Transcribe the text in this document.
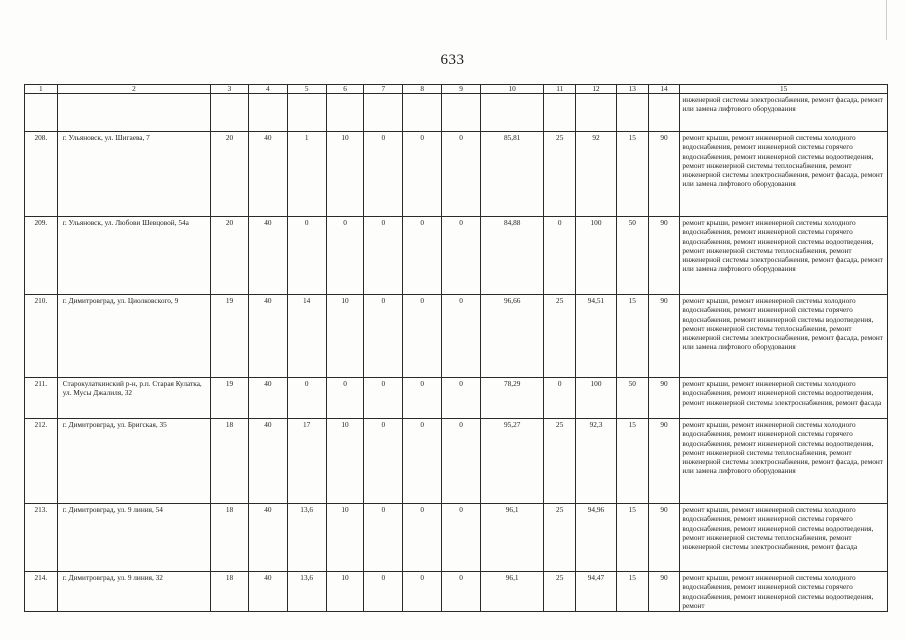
633
1	2	3	4	5	6	7	8	9	10	11	12	13	14	15
														инженерной системы электроснабжения, ремонт фасада, ремонт или замена лифтового оборудования
208.	г. Ульяновск, ул. Шигаева, 7	20	40	1	10	0	0	0	85,81	25	92	15	90	ремонт крыши, ремонт инженерной системы холодного водоснабжения, ремонт инженерной системы горячего водоснабжения, ремонт инженерной системы водоотведения, ремонт инженерной системы теплоснабжения, ремонт инженерной системы электроснабжения, ремонт фасада, ремонт или замена лифтового оборудования
209.	г. Ульяновск, ул. Любови Шевцовой, 54а	20	40	0	0	0	0	0	84,88	0	100	50	90	ремонт крыши, ремонт инженерной системы холодного водоснабжения, ремонт инженерной системы горячего водоснабжения, ремонт инженерной системы водоотведения, ремонт инженерной системы теплоснабжения, ремонт инженерной системы электроснабжения, ремонт фасада, ремонт или замена лифтового оборудования
210.	г. Димитровград, ул. Циолковского, 9	19	40	14	10	0	0	0	96,66	25	94,51	15	90	ремонт крыши, ремонт инженерной системы холодного водоснабжения, ремонт инженерной системы горячего водоснабжения, ремонт инженерной системы водоотведения, ремонт инженерной системы теплоснабжения, ремонт инженерной системы электроснабжения, ремонт фасада, ремонт или замена лифтового оборудования
211.	Старокулаткинский р-н, р.п. Старая Кулатка, ул. Мусы Джалиля, 32	19	40	0	0	0	0	0	78,29	0	100	50	90	ремонт крыши, ремонт инженерной системы холодного водоснабжения, ремонт инженерной системы водоотведения, ремонт инженерной системы электроснабжения, ремонт фасада
212.	г. Димитровград, ул. Бригская, 35	18	40	17	10	0	0	0	95,27	25	92,3	15	90	ремонт крыши, ремонт инженерной системы холодного водоснабжения, ремонт инженерной системы горячего водоснабжения, ремонт инженерной системы водоотведения, ремонт инженерной системы теплоснабжения, ремонт инженерной системы электроснабжения, ремонт фасада, ремонт или замена лифтового оборудования
213.	г. Димитровград, ул. 9 линия, 54	18	40	13,6	10	0	0	0	96,1	25	94,96	15	90	ремонт крыши, ремонт инженерной системы холодного водоснабжения, ремонт инженерной системы горячего водоснабжения, ремонт инженерной системы водоотведения, ремонт инженерной системы теплоснабжения, ремонт инженерной системы электроснабжения, ремонт фасада
214.	г. Димитровград, ул. 9 линия, 32	18	40	13,6	10	0	0	0	96,1	25	94,47	15	90	ремонт крыши, ремонт инженерной системы холодного водоснабжения, ремонт инженерной системы горячего водоснабжения, ремонт инженерной системы водоотведения, ремонт
